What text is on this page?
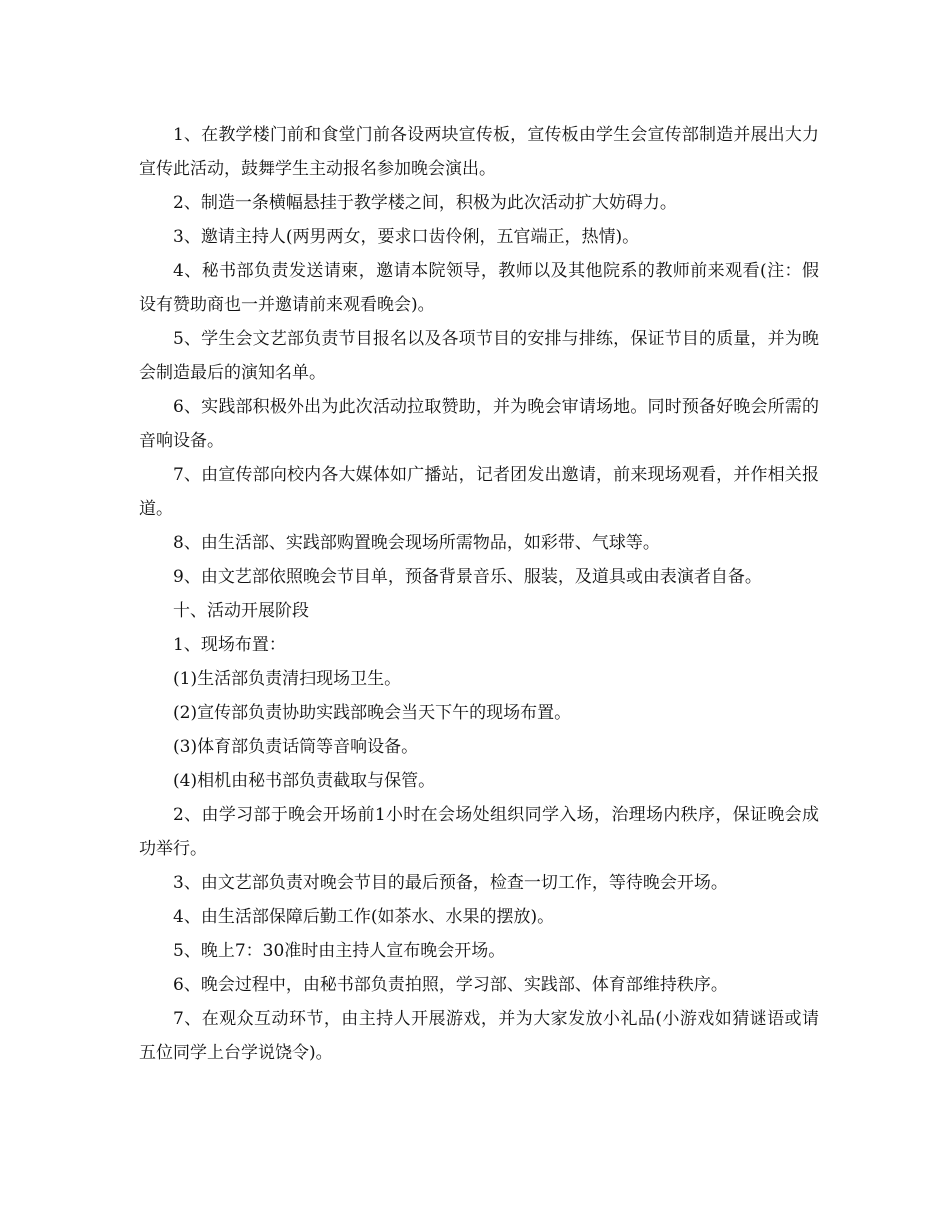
1、在教学楼门前和食堂门前各设两块宣传板，宣传板由学生会宣传部制造并展出大力宣传此活动，鼓舞学生主动报名参加晚会演出。

2、制造一条横幅悬挂于教学楼之间，积极为此次活动扩大妨碍力。

3、邀请主持人(两男两女，要求口齿伶俐，五官端正，热情)。

4、秘书部负责发送请柬，邀请本院领导，教师以及其他院系的教师前来观看(注：假设有赞助商也一并邀请前来观看晚会)。

5、学生会文艺部负责节目报名以及各项节目的安排与排练，保证节目的质量，并为晚会制造最后的演知名单。

6、实践部积极外出为此次活动拉取赞助，并为晚会审请场地。同时预备好晚会所需的音响设备。

7、由宣传部向校内各大媒体如广播站，记者团发出邀请，前来现场观看，并作相关报道。

8、由生活部、实践部购置晚会现场所需物品，如彩带、气球等。

9、由文艺部依照晚会节目单，预备背景音乐、服装，及道具或由表演者自备。

十、活动开展阶段

1、现场布置：

(1)生活部负责清扫现场卫生。

(2)宣传部负责协助实践部晚会当天下午的现场布置。

(3)体育部负责话筒等音响设备。

(4)相机由秘书部负责截取与保管。

2、由学习部于晚会开场前1小时在会场处组织同学入场，治理场内秩序，保证晚会成功举行。

3、由文艺部负责对晚会节目的最后预备，检查一切工作，等待晚会开场。

4、由生活部保障后勤工作(如茶水、水果的摆放)。

5、晚上7：30准时由主持人宣布晚会开场。

6、晚会过程中，由秘书部负责拍照，学习部、实践部、体育部维持秩序。

7、在观众互动环节，由主持人开展游戏，并为大家发放小礼品(小游戏如猜谜语或请五位同学上台学说饶令)。
